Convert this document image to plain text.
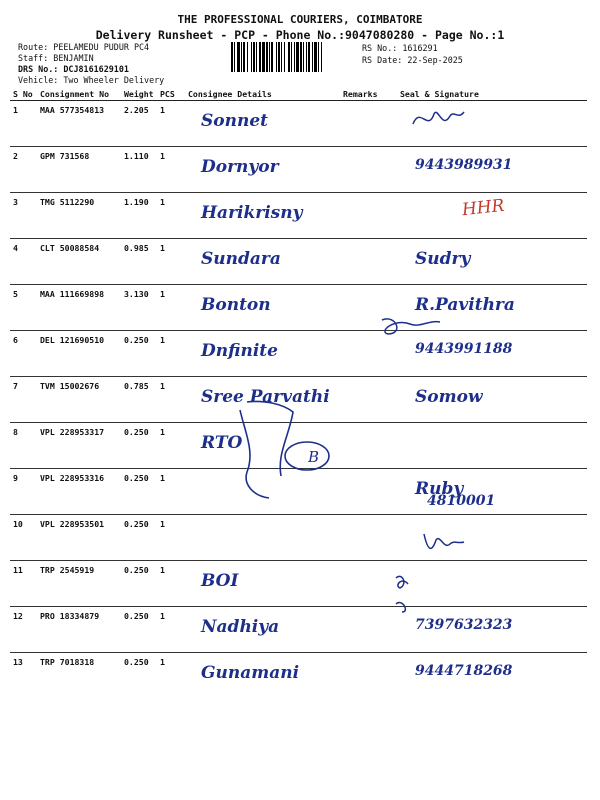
THE PROFESSIONAL COURIERS, COIMBATORE
Delivery Runsheet - PCP - Phone No.:9047080280 - Page No.:1
Route: PEELAMEDU PUDUR PC4
Staff: BENJAMIN
DRS No.: DCJ8161629101
Vehicle: Two Wheeler Delivery
RS No.: 1616291
RS Date: 22-Sep-2025
S No	Consignment No	Weight	PCS	Consignee Details	Remarks	Seal & Signature
1	MAA 577354813	2.205	1	Sonnet		

2	GPM 731568	1.110	1	Dornyor		9443989931

3	TMG 5112290	1.190	1	Harikrisny		

4	CLT 50088584	0.985	1	Sundara		Sudry

5	MAA 111669898	3.130	1	Bonton		R.Pavithra

6	DEL 121690510	0.250	1	Dnfinite		9443991188

7	TVM 15002676	0.785	1	Sree Parvathi		Somow

8	VPL 228953317	0.250	1	RTO		

9	VPL 228953316	0.250	1			Ruby
4810001

10	VPL 228953501	0.250	1	

11	TRP 2545919	0.250	1	BOI		

12	PRO 18334879	0.250	1	Nadhiya		7397632323

13	TRP 7018318	0.250	1	Gunamani		9444718268
HHR
B
